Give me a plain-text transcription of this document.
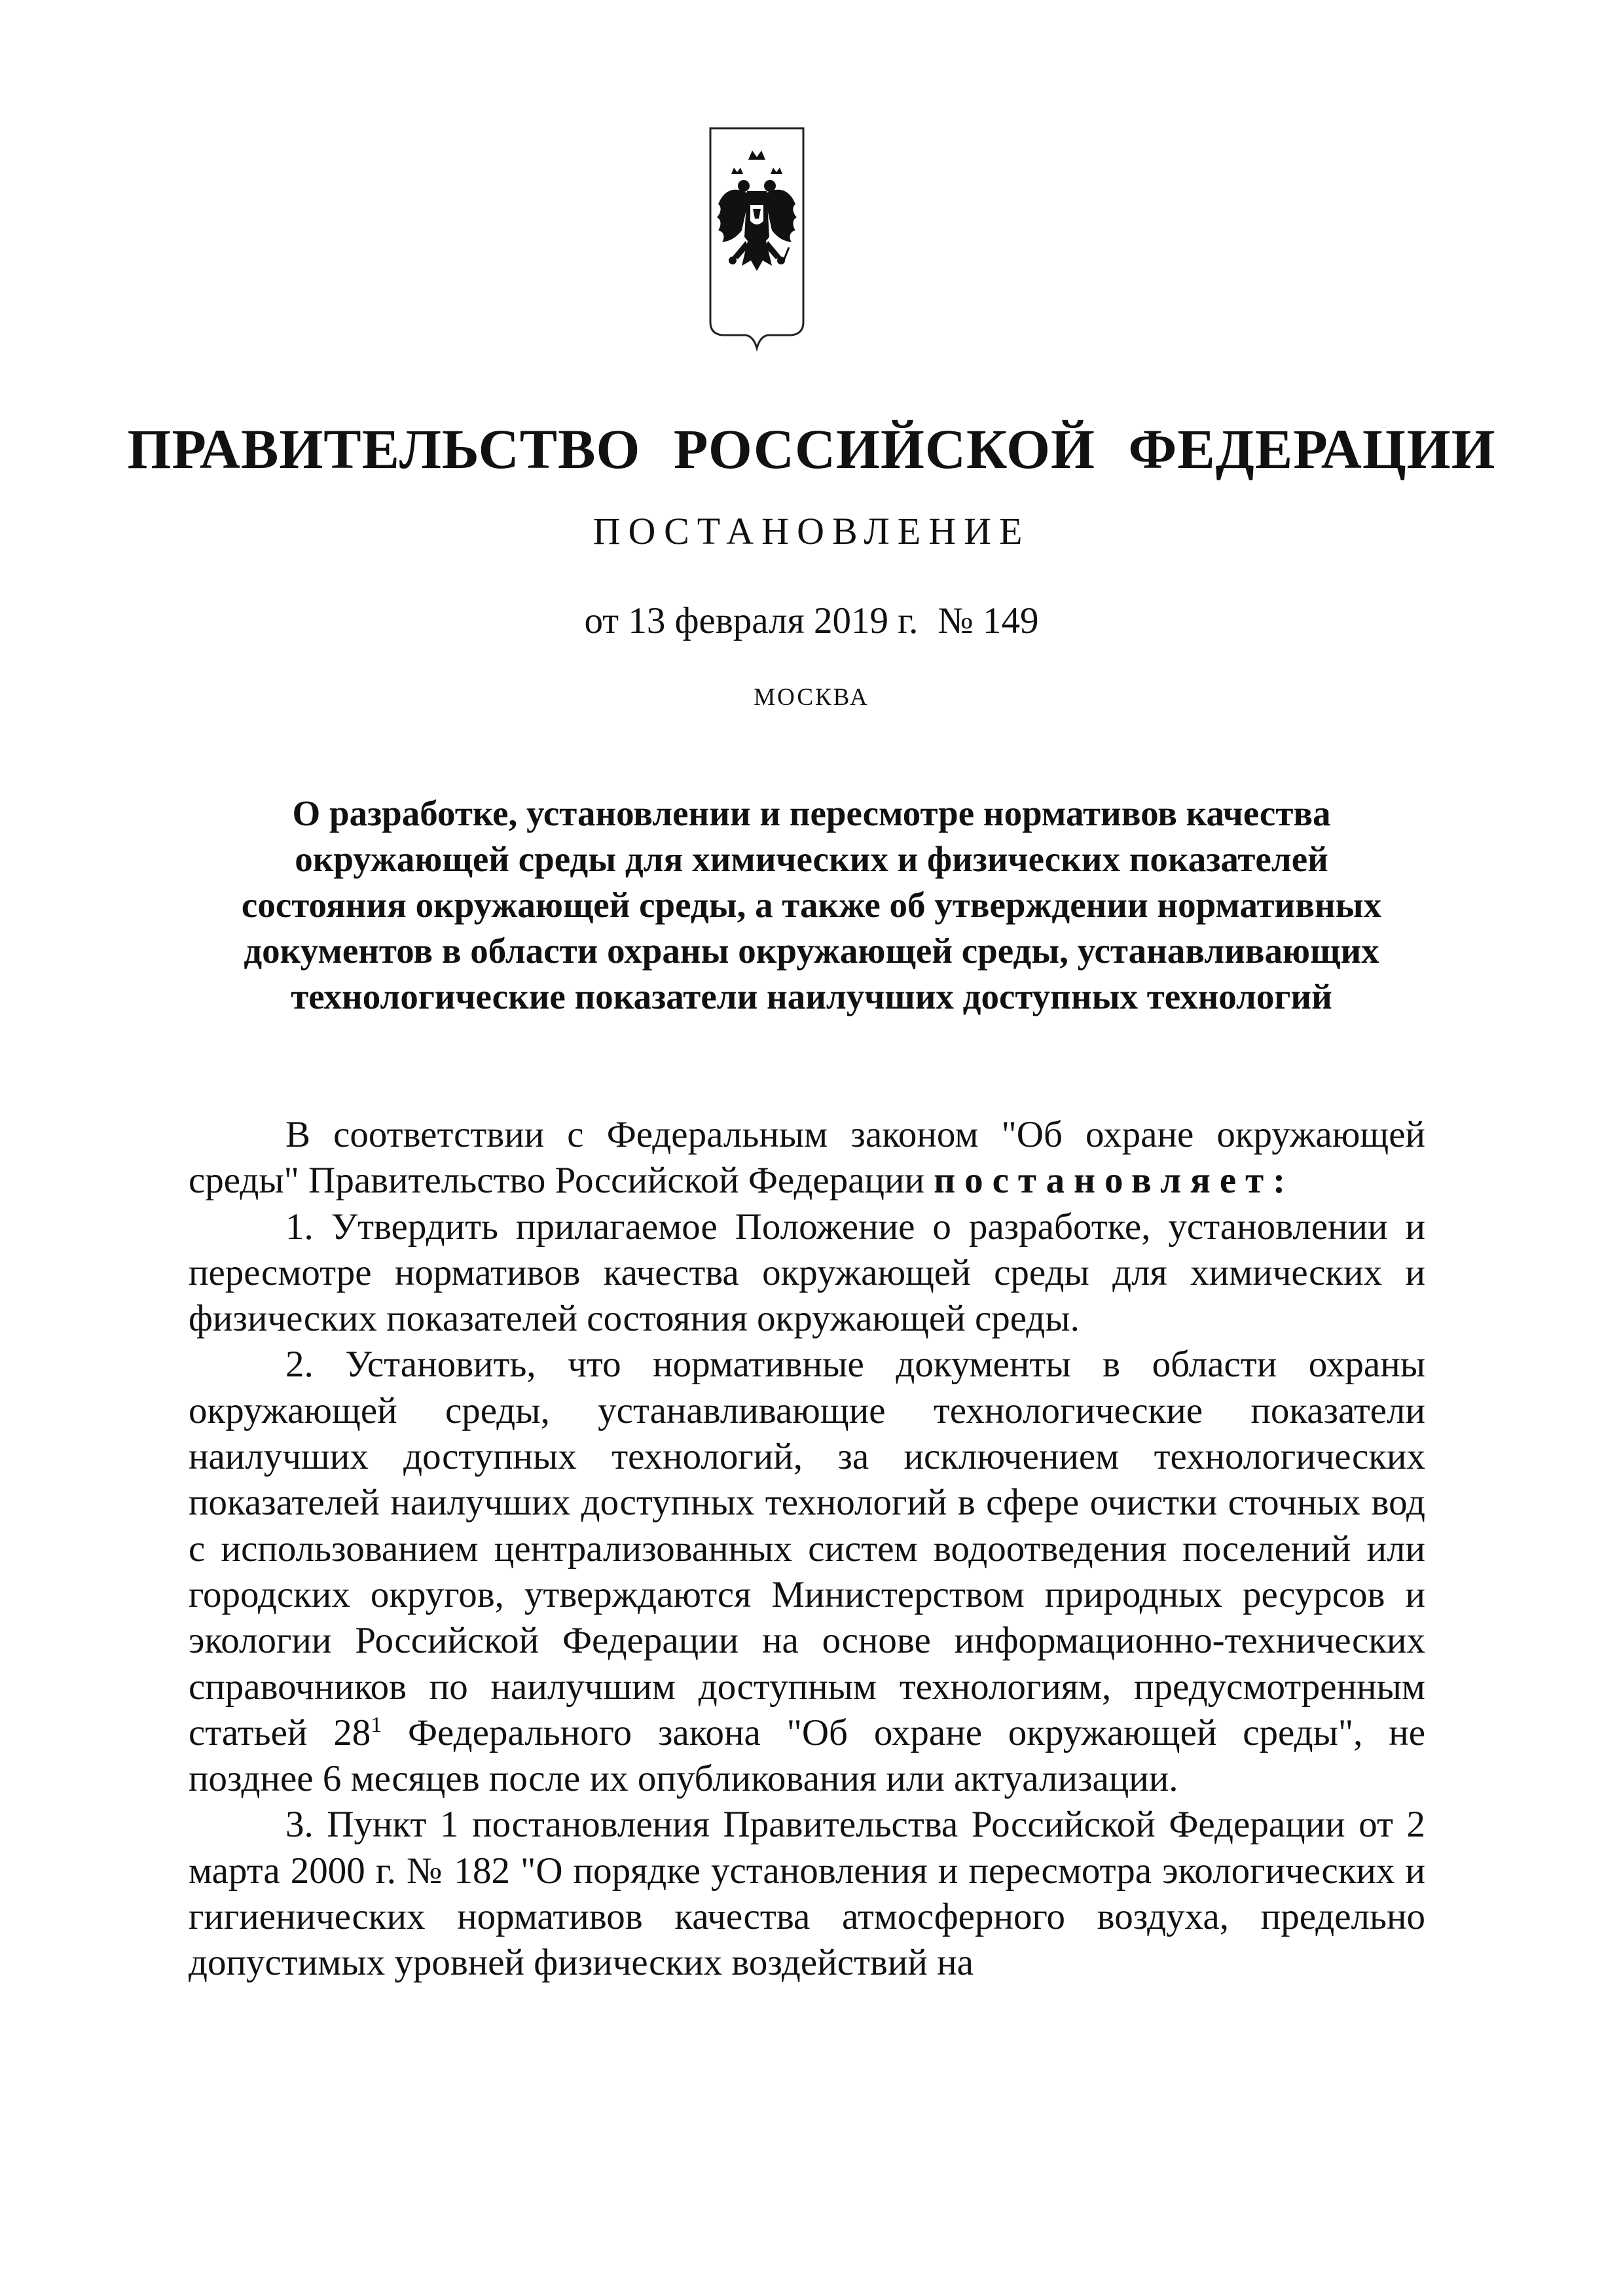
ПРАВИТЕЛЬСТВО РОССИЙСКОЙ ФЕДЕРАЦИИ
ПОСТАНОВЛЕНИЕ
от 13 февраля 2019 г. № 149
МОСКВА
О разработке, установлении и пересмотре нормативов качества
окружающей среды для химических и физических показателей
состояния окружающей среды, а также об утверждении нормативных
документов в области охраны окружающей среды, устанавливающих
технологические показатели наилучших доступных технологий

В соответствии с Федеральным законом "Об охране окружающей среды" Правительство Российской Федерации постановляет:

1. Утвердить прилагаемое Положение о разработке, установлении и пересмотре нормативов качества окружающей среды для химических и физических показателей состояния окружающей среды.

2. Установить, что нормативные документы в области охраны окружающей среды, устанавливающие технологические показатели наилучших доступных технологий, за исключением технологических показателей наилучших доступных технологий в сфере очистки сточных вод с использованием централизованных систем водоотведения поселений или городских округов, утверждаются Министерством природных ресурсов и экологии Российской Федерации на основе информационно-технических справочников по наилучшим доступным технологиям, предусмотренным статьей $28^1$ Федерального закона "Об охране окружающей среды", не позднее 6 месяцев после их опубликования или актуализации.

3. Пункт 1 постановления Правительства Российской Федерации от 2 марта 2000 г. № 182 "О порядке установления и пересмотра экологических и гигиенических нормативов качества атмосферного воздуха, предельно допустимых уровней физических воздействий на
